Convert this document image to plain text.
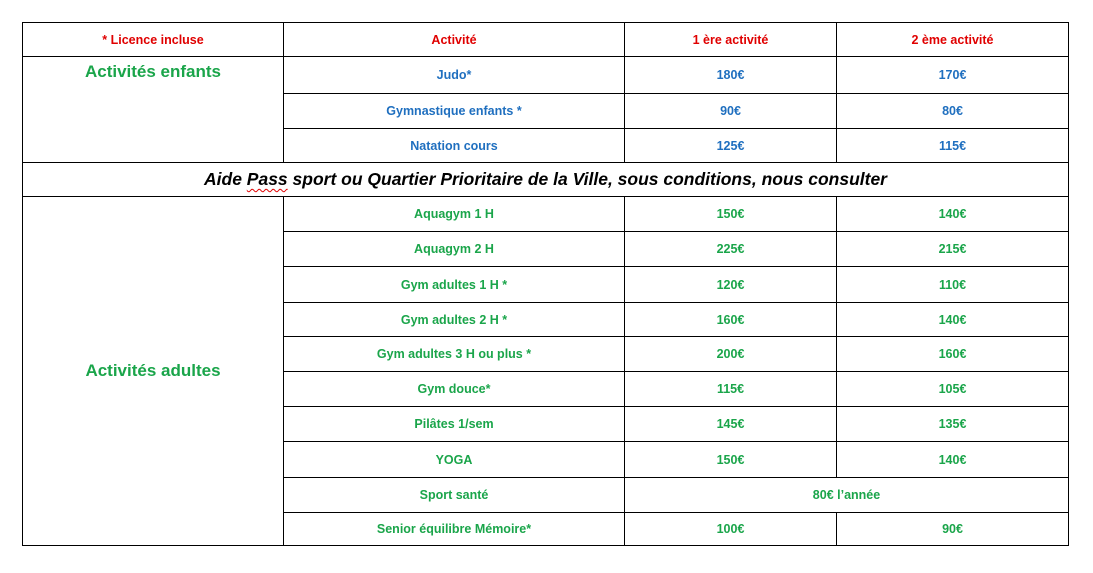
* Licence incluse	Activité	1 ère activité	2 ème activité
Activités enfants	Judo*	180€	170€
	Gymnastique enfants *	90€	80€
	Natation cours	125€	115€
Aide Pass sport ou Quartier Prioritaire de la Ville, sous conditions, nous consulter			
Activités adultes	Aquagym 1 H	150€	140€
	Aquagym 2 H	225€	215€
	Gym adultes 1 H *	120€	110€
	Gym adultes 2 H *	160€	140€
	Gym adultes 3 H ou plus *	200€	160€
	Gym douce*	115€	105€
	Pilâtes 1/sem	145€	135€
	YOGA	150€	140€
	Sport santé	80€ l’année	
	Senior équilibre Mémoire*	100€	90€
